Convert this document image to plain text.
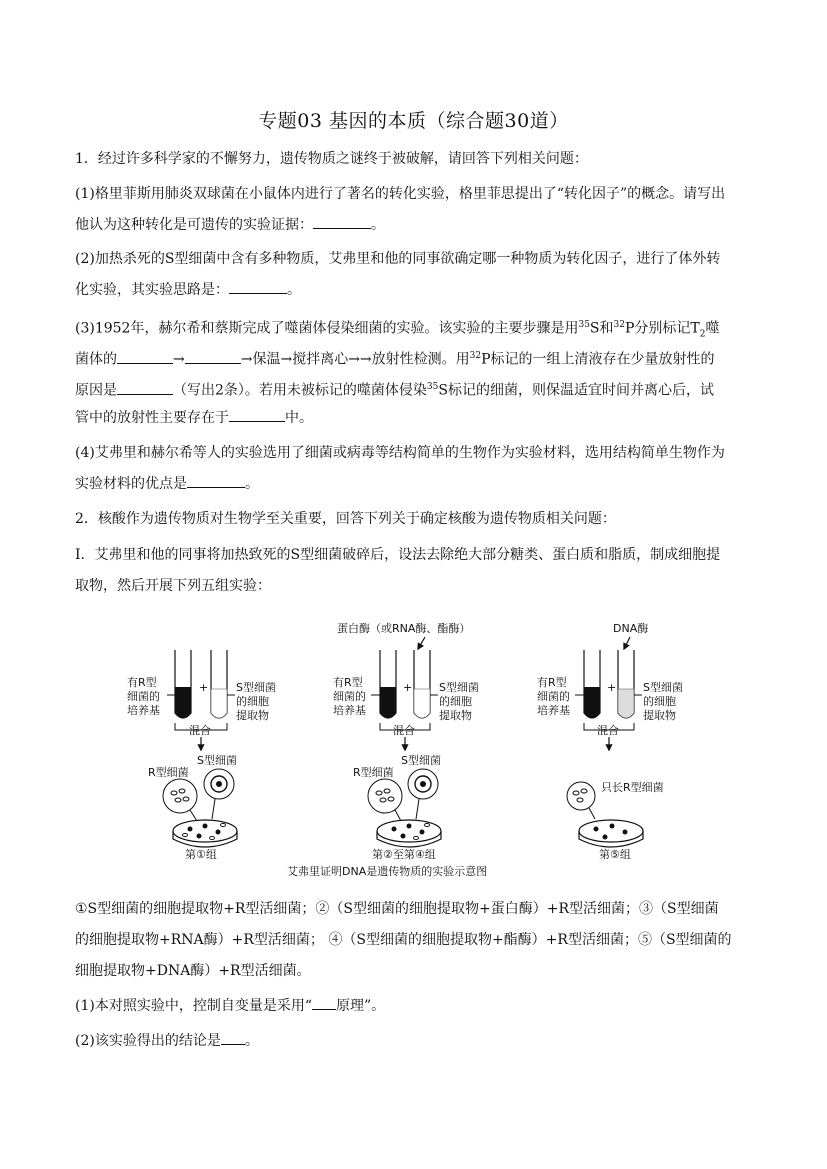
专题03 基因的本质（综合题30道）
1．经过许多科学家的不懈努力，遗传物质之谜终于被破解，请回答下列相关问题：
(1)格里菲斯用肺炎双球菌在小鼠体内进行了著名的转化实验，格里菲思提出了“转化因子”的概念。请写出
他认为这种转化是可遗传的实验证据：	。
(2)加热杀死的S型细菌中含有多种物质，艾弗里和他的同事欲确定哪一种物质为转化因子，进行了体外转
化实验，其实验思路是：	。
(3)1952年，赫尔希和蔡斯完成了噬菌体侵染细菌的实验。该实验的主要步骤是用$^{35}$S和$^{32}$P分别标记$T_2$噬
菌体的	→	→保温→搅拌离心→→放射性检测。用$^{32}$P标记的一组上清液存在少量放射性的
原因是	（写出2条）。若用未被标记的噬菌体侵染$^{35}$S标记的细菌，则保温适宜时间并离心后，试
管中的放射性主要存在于	中。
(4)艾弗里和赫尔希等人的实验选用了细菌或病毒等结构简单的生物作为实验材料，选用结构简单生物作为
实验材料的优点是	。
2．核酸作为遗传物质对生物学至关重要，回答下列关于确定核酸为遗传物质相关问题：
I．艾弗里和他的同事将加热致死的S型细菌破碎后，设法去除绝大部分糖类、蛋白质和脂质，制成细胞提
取物，然后开展下列五组实验：
有R型
细菌的
培养基
+	S型细菌
的细胞
提取物
混合
S型细菌
R型细菌
第①组
蛋白酶（或RNA酶、酯酶）
有R型
细菌的
培养基
+ S型细菌
的细胞
提取物
混合
S型细菌
R型细菌
第②至第④组
艾弗里证明DNA是遗传物质的实验示意图
DNA酶
有R型
细菌的
培养基
+ S型细菌
的细胞
提取物
混合
只长R型细菌
第⑤组
①S型细菌的细胞提取物+R型活细菌；②（S型细菌的细胞提取物+蛋白酶）+R型活细菌；③（S型细菌
的细胞提取物+RNA酶）+R型活细菌； ④（S型细菌的细胞提取物+酯酶）+R型活细菌；⑤（S型细菌的
细胞提取物+DNA酶）+R型活细菌。
(1)本对照实验中，控制自变量是采用“ 原理”。
(2)该实验得出的结论是 。
